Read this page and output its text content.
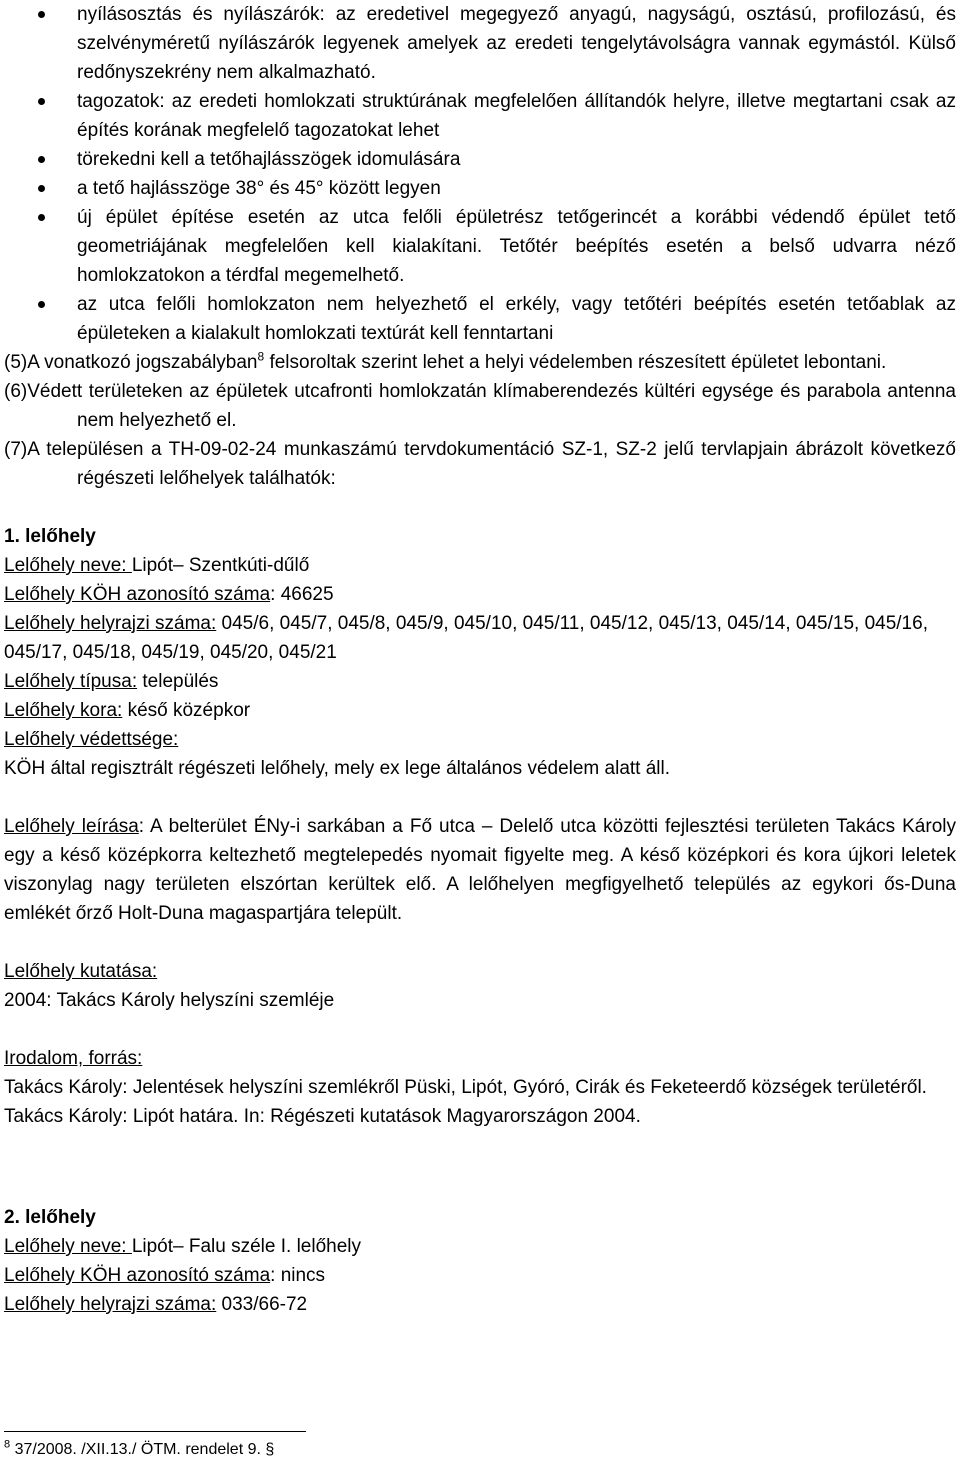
nyílásosztás és nyílászárók: az eredetivel megegyező anyagú, nagyságú, osztású, profilozású, és szelvényméretű nyílászárók legyenek amelyek az eredeti tengelytávolságra vannak egymástól. Külső redőnyszekrény nem alkalmazható.
tagozatok: az eredeti homlokzati struktúrának megfelelően állítandók helyre, illetve megtartani csak az építés korának megfelelő tagozatokat lehet
törekedni kell a tetőhajlásszögek idomulására
a tető hajlásszöge 38° és 45° között legyen
új épület építése esetén az utca felőli épületrész tetőgerincét a korábbi védendő épület tető geometriájának megfelelően kell kialakítani. Tetőtér beépítés esetén a belső udvarra néző homlokzatokon a térdfal megemelhető.
az utca felőli homlokzaton nem helyezhető el erkély, vagy tetőtéri beépítés esetén tetőablak az épületeken a kialakult homlokzati textúrát kell fenntartani

(5)A vonatkozó jogszabályban$^8$ felsoroltak szerint lehet a helyi védelemben részesített épületet lebontani.

(6)Védett területeken az épületek utcafronti homlokzatán klímaberendezés kültéri egysége és parabola antenna nem helyezhető el.

(7)A településen a TH-09-02-24 munkaszámú tervdokumentáció SZ-1, SZ-2 jelű tervlapjain ábrázolt következő régészeti lelőhelyek találhatók:

1. lelőhely

Lelőhely neve: Lipót– Szentkúti-dűlő

Lelőhely KÖH azonosító száma: 46625

Lelőhely helyrajzi száma: 045/6, 045/7, 045/8, 045/9, 045/10, 045/11, 045/12, 045/13, 045/14, 045/15, 045/16, 045/17, 045/18, 045/19, 045/20, 045/21

Lelőhely típusa: település

Lelőhely kora: késő középkor

Lelőhely védettsége:

KÖH által regisztrált régészeti lelőhely, mely ex lege általános védelem alatt áll.

Lelőhely leírása: A belterület ÉNy-i sarkában a Fő utca – Delelő utca közötti fejlesztési területen Takács Károly egy a késő középkorra keltezhető megtelepedés nyomait figyelte meg. A késő középkori és kora újkori leletek viszonylag nagy területen elszórtan kerültek elő. A lelőhelyen megfigyelhető település az egykori ős-Duna emlékét őrző Holt-Duna magaspartjára települt.

Lelőhely kutatása:

2004: Takács Károly helyszíni szemléje

Irodalom, forrás:

Takács Károly: Jelentések helyszíni szemlékről Püski, Lipót, Gyóró, Cirák és Feketeerdő községek területéről.

Takács Károly: Lipót határa. In: Régészeti kutatások Magyarországon 2004.

2. lelőhely

Lelőhely neve: Lipót– Falu széle I. lelőhely

Lelőhely KÖH azonosító száma: nincs

Lelőhely helyrajzi száma: 033/66-72

$^8$ 37/2008. /XII.13./ ÖTM. rendelet 9. §
